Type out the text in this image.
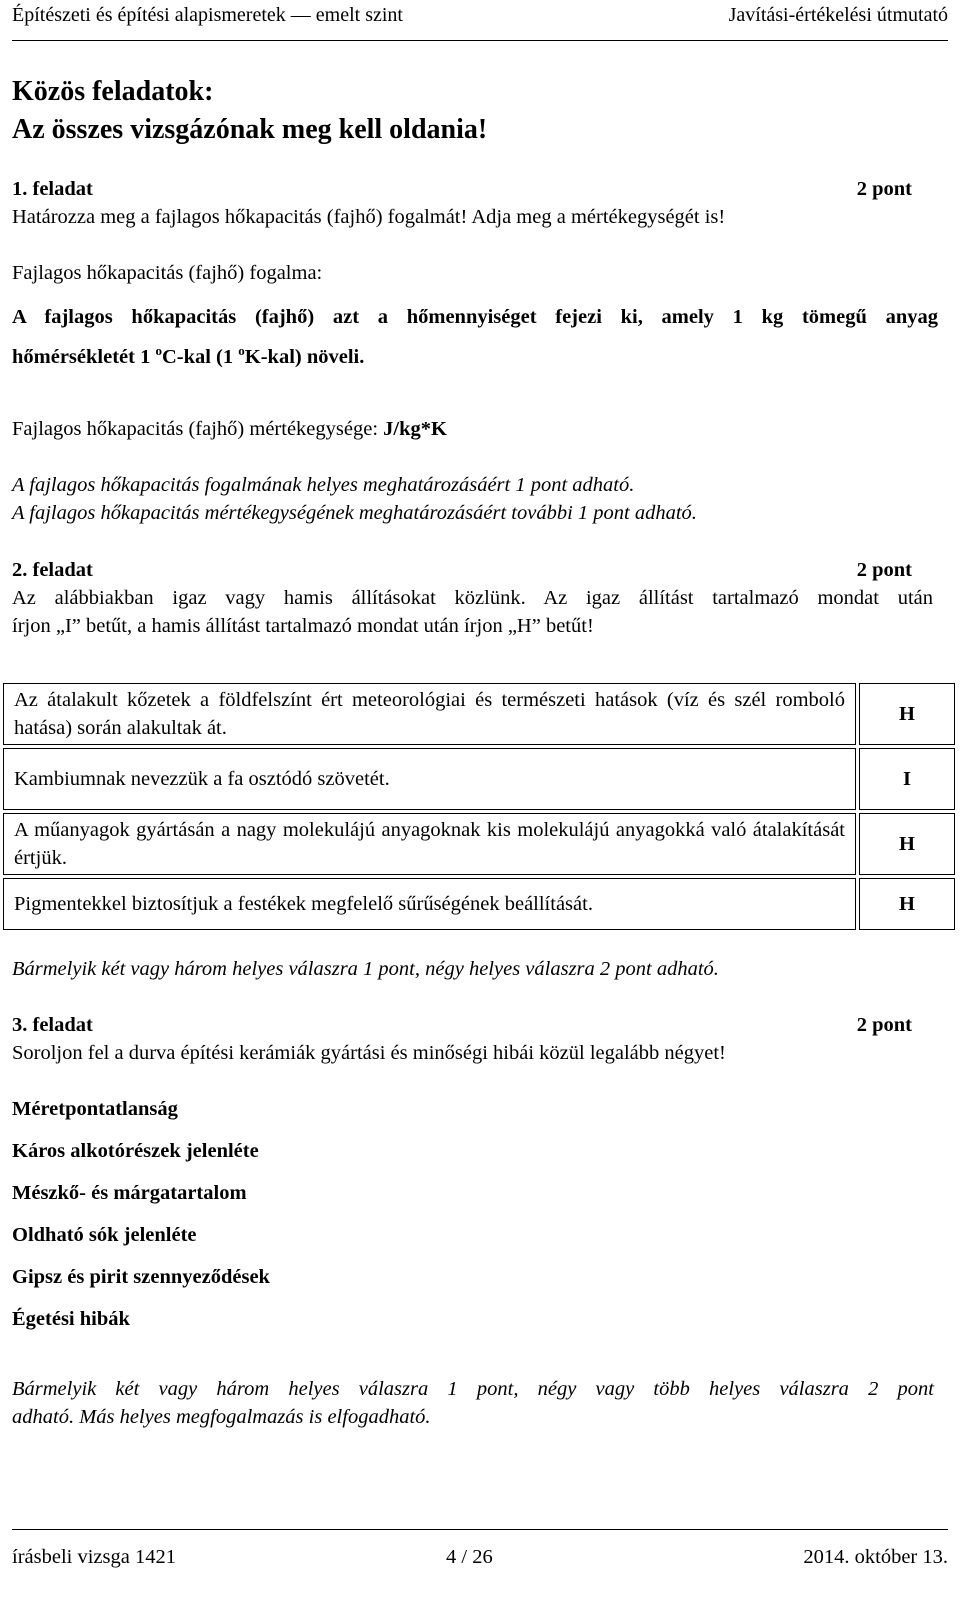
Építészeti és építési alapismeretek — emelt szint	Javítási-értékelési útmutató
Közös feladatok:
Az összes vizsgázónak meg kell oldania!
1. feladat	2 pont
Határozza meg a fajlagos hőkapacitás (fajhő) fogalmát! Adja meg a mértékegységét is!
Fajlagos hőkapacitás (fajhő) fogalma:
A fajlagos hőkapacitás (fajhő) azt a hőmennyiséget fejezi ki, amely 1 kg tömegű anyag
hőmérsékletét 1 $^o$C-kal (1 $^o$K-kal) növeli.
Fajlagos hőkapacitás (fajhő) mértékegysége: J/kg*K
A fajlagos hőkapacitás fogalmának helyes meghatározásáért 1 pont adható.
A fajlagos hőkapacitás mértékegységének meghatározásáért további 1 pont adható.
2. feladat	2 pont
Az alábbiakban igaz vagy hamis állításokat közlünk. Az igaz állítást tartalmazó mondat után
írjon „I” betűt, a hamis állítást tartalmazó mondat után írjon „H” betűt!
Az átalakult kőzetek a földfelszínt ért meteorológiai és természeti hatások (víz és szél romboló hatása) során alakultak át.	H
Kambiumnak nevezzük a fa osztódó szövetét.	I
A műanyagok gyártásán a nagy molekulájú anyagoknak kis molekulájú anyagokká való átalakítását értjük.	H
Pigmentekkel biztosítjuk a festékek megfelelő sűrűségének beállítását.	H
Bármelyik két vagy három helyes válaszra 1 pont, négy helyes válaszra 2 pont adható.
3. feladat	2 pont
Soroljon fel a durva építési kerámiák gyártási és minőségi hibái közül legalább négyet!
Méretpontatlanság
Káros alkotórészek jelenléte
Mészkő- és márgatartalom
Oldható sók jelenléte
Gipsz és pirit szennyeződések
Égetési hibák
Bármelyik két vagy három helyes válaszra 1 pont, négy vagy több helyes válaszra 2 pont
adható. Más helyes megfogalmazás is elfogadható.
írásbeli vizsga 1421	4 / 26	2014. október 13.
